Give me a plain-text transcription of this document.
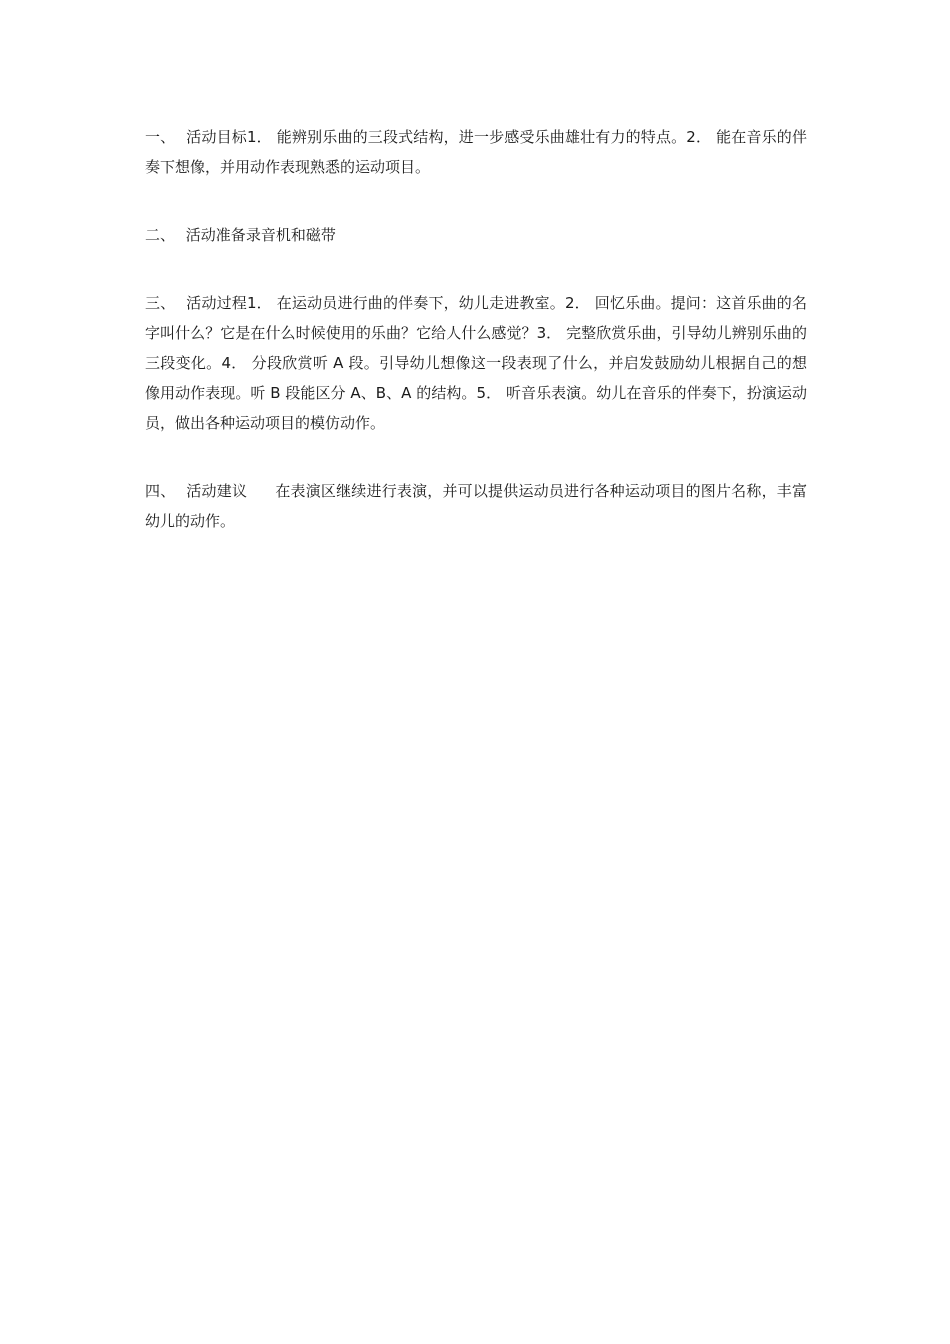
一、 活动目标1． 能辨别乐曲的三段式结构，进一步感受乐曲雄壮有力的特点。2． 能在音乐的伴奏下想像，并用动作表现熟悉的运动项目。

二、 活动准备录音机和磁带

三、 活动过程1． 在运动员进行曲的伴奏下，幼儿走进教室。2． 回忆乐曲。提问：这首乐曲的名字叫什么？它是在什么时候使用的乐曲？它给人什么感觉？3． 完整欣赏乐曲，引导幼儿辨别乐曲的三段变化。4． 分段欣赏听 A 段。引导幼儿想像这一段表现了什么，并启发鼓励幼儿根据自己的想像用动作表现。听 B 段能区分 A、B、A 的结构。5． 听音乐表演。幼儿在音乐的伴奏下，扮演运动员，做出各种运动项目的模仿动作。

四、 活动建议 在表演区继续进行表演，并可以提供运动员进行各种运动项目的图片名称，丰富幼儿的动作。
